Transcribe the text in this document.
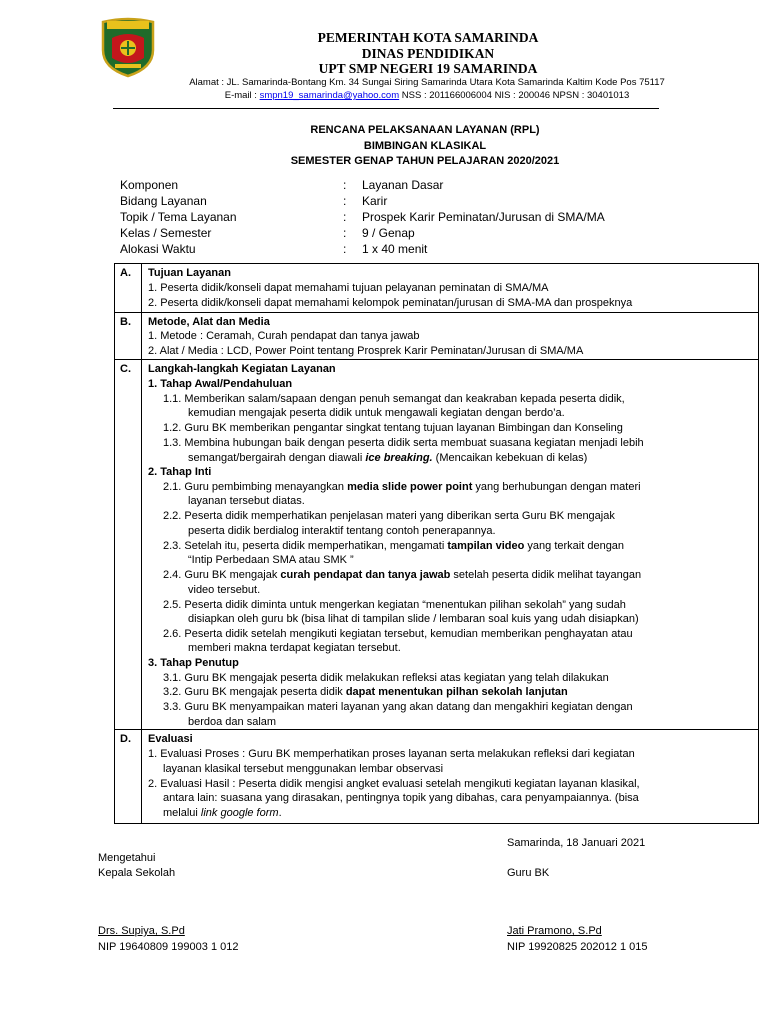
PEMERINTAH KOTA SAMARINDA
DINAS PENDIDIKAN
UPT SMP NEGERI 19 SAMARINDA
Alamat : JL. Samarinda-Bontang Km. 34 Sungai Siring Samarinda Utara Kota Samarinda Kaltim Kode Pos 75117
E-mail : smpn19_samarinda@yahoo.com NSS : 201166006004 NIS : 200046 NPSN : 30401013
RENCANA PELAKSANAAN LAYANAN (RPL)
BIMBINGAN KLASIKAL
SEMESTER GENAP TAHUN PELAJARAN 2020/2021
Komponen	: Layanan Dasar
Bidang Layanan	: Karir
Topik / Tema Layanan	: Prospek Karir Peminatan/Jurusan di SMA/MA
Kelas / Semester	: 9 / Genap
Alokasi Waktu	: 1 x 40 menit
A. Tujuan Layanan
1. Peserta didik/konseli dapat memahami tujuan pelayanan peminatan di SMA/MA
2. Peserta didik/konseli dapat memahami kelompok peminatan/jurusan di SMA-MA dan prospeknya
B. Metode, Alat dan Media
1. Metode : Ceramah, Curah pendapat dan tanya jawab
2. Alat / Media : LCD, Power Point tentang Prosprek Karir Peminatan/Jurusan di SMA/MA
C. Langkah-langkah Kegiatan Layanan
1. Tahap Awal/Pendahuluan
1.1. Memberikan salam/sapaan dengan penuh semangat dan keakraban kepada peserta didik,
kemudian mengajak peserta didik untuk mengawali kegiatan dengan berdo’a.
1.2. Guru BK memberikan pengantar singkat tentang tujuan layanan Bimbingan dan Konseling
1.3. Membina hubungan baik dengan peserta didik serta membuat suasana kegiatan menjadi lebih
semangat/bergairah dengan diawali ice breaking. (Mencaikan kebekuan di kelas)
2. Tahap Inti
2.1. Guru pembimbing menayangkan media slide power point yang berhubungan dengan materi
layanan tersebut diatas.
2.2. Peserta didik memperhatikan penjelasan materi yang diberikan serta Guru BK mengajak
peserta didik berdialog interaktif tentang contoh penerapannya.
2.3. Setelah itu, peserta didik memperhatikan, mengamati tampilan video yang terkait dengan
“Intip Perbedaan SMA atau SMK ”
2.4. Guru BK mengajak curah pendapat dan tanya jawab setelah peserta didik melihat tayangan
video tersebut.
2.5. Peserta didik diminta untuk mengerkan kegiatan “menentukan pilihan sekolah” yang sudah
disiapkan oleh guru bk (bisa lihat di tampilan slide / lembaran soal kuis yang udah disiapkan)
2.6. Peserta didik setelah mengikuti kegiatan tersebut, kemudian memberikan penghayatan atau
memberi makna terdapat kegiatan tersebut.
3. Tahap Penutup
3.1. Guru BK mengajak peserta didik melakukan refleksi atas kegiatan yang telah dilakukan
3.2. Guru BK mengajak peserta didik dapat menentukan pilhan sekolah lanjutan
3.3. Guru BK menyampaikan materi layanan yang akan datang dan mengakhiri kegiatan dengan
berdoa dan salam
D. Evaluasi
1. Evaluasi Proses : Guru BK memperhatikan proses layanan serta melakukan refleksi dari kegiatan
layanan klasikal tersebut menggunakan lembar observasi
2. Evaluasi Hasil : Peserta didik mengisi angket evaluasi setelah mengikuti kegiatan layanan klasikal,
antara lain: suasana yang dirasakan, pentingnya topik yang dibahas, cara penyampaiannya. (bisa
melalui link google form.
Samarinda, 18 Januari 2021
Mengetahui
Kepala Sekolah	Guru BK
Drs. Supiya, S.Pd
NIP 19640809 199003 1 012
Jati Pramono, S.Pd
NIP 19920825 202012 1 015
